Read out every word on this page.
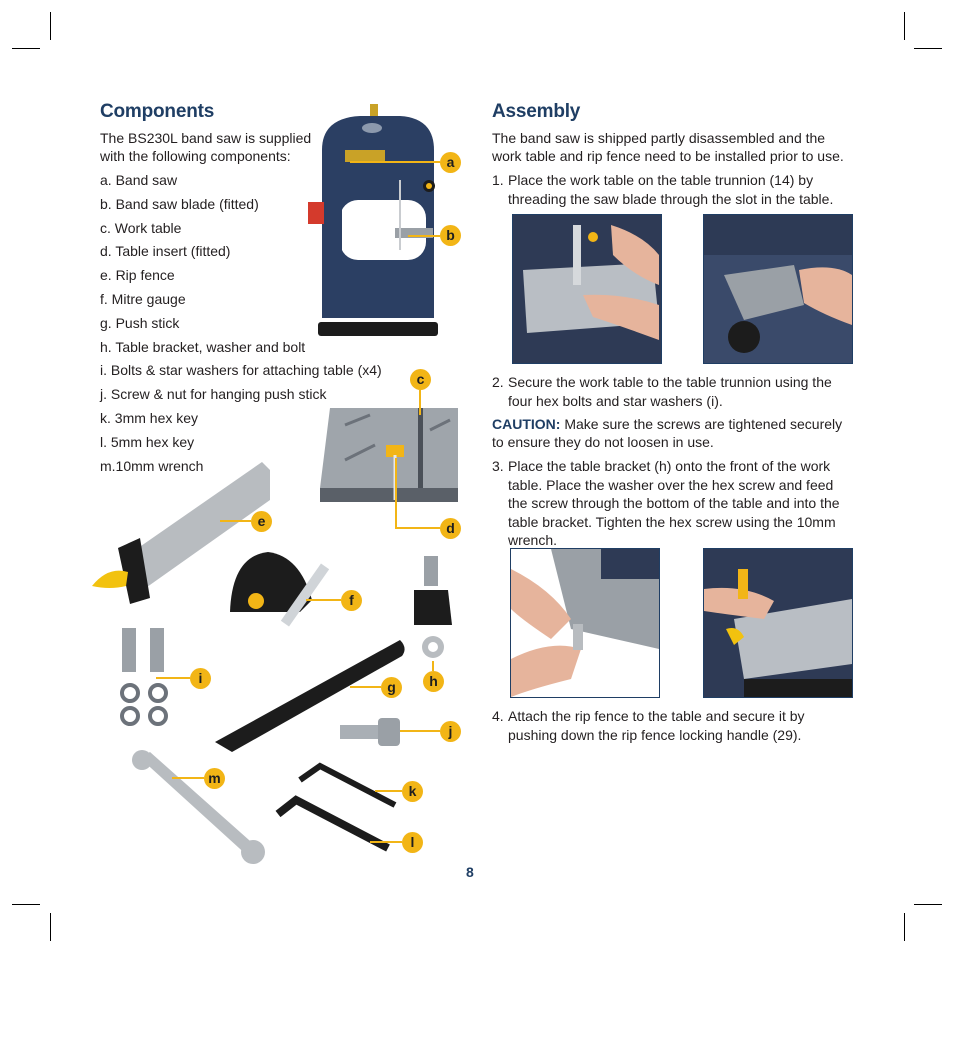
Components

The BS230L band saw is supplied with the following components:

a. Band saw
b. Band saw blade (fitted)
c. Work table
d. Table insert (fitted)
e. Rip fence
f. Mitre gauge
g. Push stick
h. Table bracket, washer and bolt
i. Bolts & star washers for attaching table (x4)
j. Screw & nut for hanging push stick
k. 3mm hex key
l. 5mm hex key
m.10mm wrench
a
b
c
d
e
f
g	h
i
j
k
l
m
Assembly

The band saw is shipped partly disassembled and the work table and rip fence need to be installed prior to use.

1. Place the work table on the table trunnion (14) by threading the saw blade through the slot in the table.
2. Secure the work table to the table trunnion using the four hex bolts and star washers (i).

CAUTION: Make sure the screws are tightened securely to ensure they do not loosen in use.

3. Place the table bracket (h) onto the front of the work table. Place the washer over the hex screw and feed the screw through the bottom of the table and into the table bracket. Tighten the hex screw using the 10mm wrench.
4. Attach the rip fence to the table and secure it by pushing down the rip fence locking handle (29).
8
